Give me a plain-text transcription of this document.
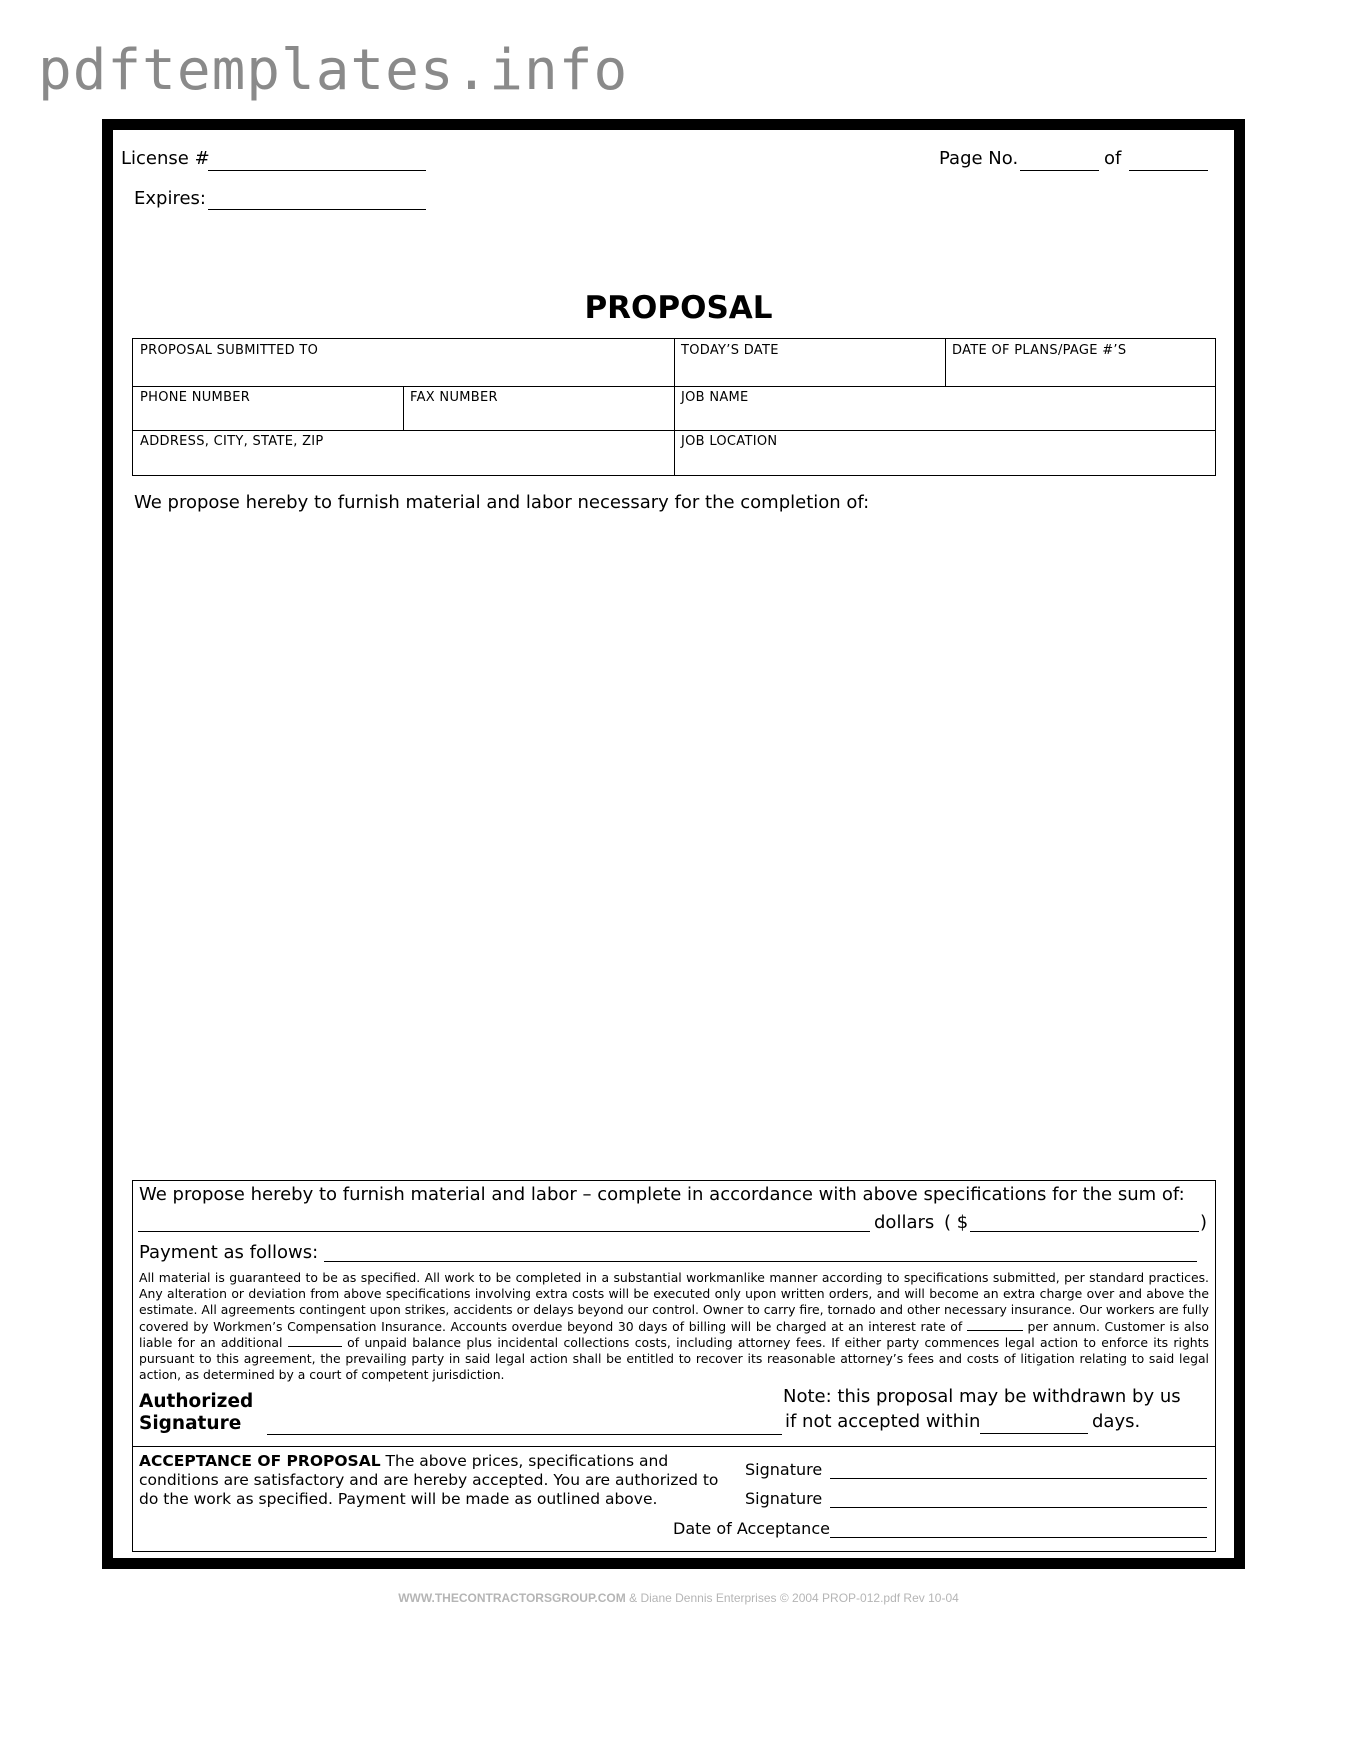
pdftemplates.info
License #
Expires:
Page No.	of
PROPOSAL
PROPOSAL SUBMITTED TO	TODAY’S DATE	DATE OF PLANS/PAGE #’S
PHONE NUMBER	FAX NUMBER	JOB NAME
ADDRESS, CITY, STATE, ZIP	JOB LOCATION
We propose hereby to furnish material and labor necessary for the completion of:
We propose hereby to furnish material and labor – complete in accordance with above specifications for the sum of:
dollars ( $	)
Payment as follows:
All material is guaranteed to be as specified. All work to be completed in a substantial workmanlike manner according to specifications submitted, per standard practices. Any alteration or deviation from above specifications involving extra costs will be executed only upon written orders, and will become an extra charge over and above the estimate. All agreements contingent upon strikes, accidents or delays beyond our control. Owner to carry fire, tornado and other necessary insurance. Our workers are fully covered by Workmen’s Compensation Insurance. Accounts overdue beyond 30 days of billing will be charged at an interest rate of	per annum. Customer is also liable for an additional	of unpaid balance plus incidental collections costs, including attorney fees. If either party commences legal action to enforce its rights pursuant to this agreement, the prevailing party in said legal action shall be entitled to recover its reasonable attorney’s fees and costs of litigation relating to said legal action, as determined by a court of competent jurisdiction.
Authorized
Signature
Note: this proposal may be withdrawn by us
if not accepted within	days.
ACCEPTANCE OF PROPOSAL The above prices, specifications and conditions are satisfactory and are hereby accepted. You are authorized to do the work as specified. Payment will be made as outlined above.
Signature
Signature
Date of Acceptance
WWW.THECONTRACTORSGROUP.COM & Diane Dennis Enterprises © 2004 PROP-012.pdf Rev 10-04
